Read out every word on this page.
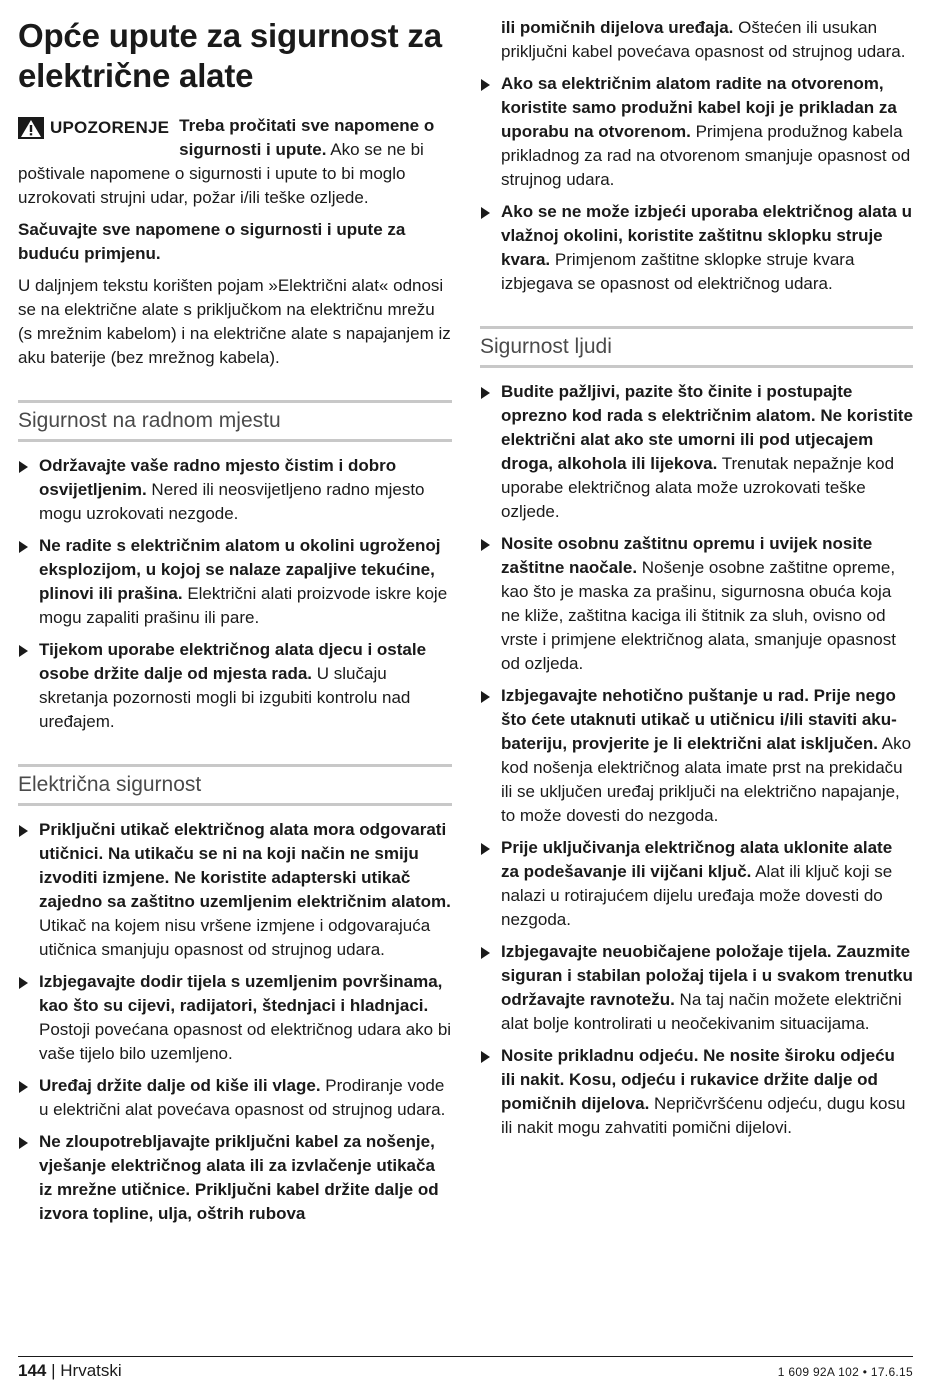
Opće upute za sigurnost za električne alate
UPOZORENJE Treba pročitati sve napomene o sigurnosti i upute. Ako se ne bi poštivale napomene o sigurnosti i upute to bi moglo uzrokovati strujni udar, požar i/ili teške ozljede.

Sačuvajte sve napomene o sigurnosti i upute za buduću primjenu.

U daljnjem tekstu korišten pojam »Električni alat« odnosi se na električne alate s priključkom na električnu mrežu (s mrežnim kabelom) i na električne alate s napajanjem iz aku baterije (bez mrežnog kabela).

Sigurnost na radnom mjestu
Održavajte vaše radno mjesto čistim i dobro osvijetljenim. Nered ili neosvijetljeno radno mjesto mogu uzrokovati nezgode.
Ne radite s električnim alatom u okolini ugroženoj eksplozijom, u kojoj se nalaze zapaljive tekućine, plinovi ili prašina. Električni alati proizvode iskre koje mogu zapaliti prašinu ili pare.
Tijekom uporabe električnog alata djecu i ostale osobe držite dalje od mjesta rada. U slučaju skretanja pozornosti mogli bi izgubiti kontrolu nad uređajem.
Električna sigurnost
Priključni utikač električnog alata mora odgovarati utičnici. Na utikaču se ni na koji način ne smiju izvoditi izmjene. Ne koristite adapterski utikač zajedno sa zaštitno uzemljenim električnim alatom. Utikač na kojem nisu vršene izmjene i odgovarajuća utičnica smanjuju opasnost od strujnog udara.
Izbjegavajte dodir tijela s uzemljenim površinama, kao što su cijevi, radijatori, štednjaci i hladnjaci. Postoji povećana opasnost od električnog udara ako bi vaše tijelo bilo uzemljeno.
Uređaj držite dalje od kiše ili vlage. Prodiranje vode u električni alat povećava opasnost od strujnog udara.
Ne zloupotrebljavajte priključni kabel za nošenje, vješanje električnog alata ili za izvlačenje utikača iz mrežne utičnice. Priključni kabel držite dalje od izvora topline, ulja, oštrih rubova
ili pomičnih dijelova uređaja. Oštećen ili usukan priključni kabel povećava opasnost od strujnog udara.
Ako sa električnim alatom radite na otvorenom, koristite samo produžni kabel koji je prikladan za uporabu na otvorenom. Primjena produžnog kabela prikladnog za rad na otvorenom smanjuje opasnost od strujnog udara.
Ako se ne može izbjeći uporaba električnog alata u vlažnoj okolini, koristite zaštitnu sklopku struje kvara. Primjenom zaštitne sklopke struje kvara izbjegava se opasnost od električnog udara.
Sigurnost ljudi
Budite pažljivi, pazite što činite i postupajte oprezno kod rada s električnim alatom. Ne koristite električni alat ako ste umorni ili pod utjecajem droga, alkohola ili lijekova. Trenutak nepažnje kod uporabe električnog alata može uzrokovati teške ozljede.
Nosite osobnu zaštitnu opremu i uvijek nosite zaštitne naočale. Nošenje osobne zaštitne opreme, kao što je maska za prašinu, sigurnosna obuća koja ne kliže, zaštitna kaciga ili štitnik za sluh, ovisno od vrste i primjene električnog alata, smanjuje opasnost od ozljeda.
Izbjegavajte nehotično puštanje u rad. Prije nego što ćete utaknuti utikač u utičnicu i/ili staviti aku-bateriju, provjerite je li električni alat isključen. Ako kod nošenja električnog alata imate prst na prekidaču ili se uključen uređaj priključi na električno napajanje, to može dovesti do nezgoda.
Prije uključivanja električnog alata uklonite alate za podešavanje ili vijčani ključ. Alat ili ključ koji se nalazi u rotirajućem dijelu uređaja može dovesti do nezgoda.
Izbjegavajte neuobičajene položaje tijela. Zauzmite siguran i stabilan položaj tijela i u svakom trenutku održavajte ravnotežu. Na taj način možete električni alat bolje kontrolirati u neočekivanim situacijama.
Nosite prikladnu odjeću. Ne nosite široku odjeću ili nakit. Kosu, odjeću i rukavice držite dalje od pomičnih dijelova. Nepričvršćenu odjeću, dugu kosu ili nakit mogu zahvatiti pomični dijelovi.
144 | Hrvatski	1 609 92A 102 • 17.6.15
